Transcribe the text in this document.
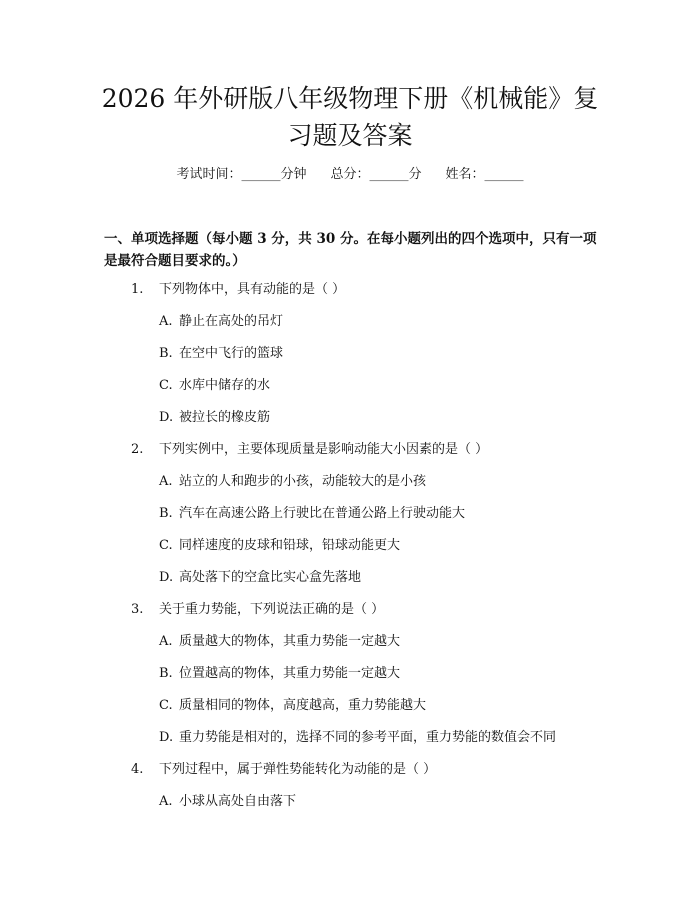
2026 年外研版八年级物理下册《机械能》复
习题及答案
考试时间：______分钟 总分：______分 姓名：______
一、单项选择题（每小题 3 分，共 30 分。在每小题列出的四个选项中，只有一项是最符合题目要求的。）
1. 下列物体中，具有动能的是（ ）
A. 静止在高处的吊灯
B. 在空中飞行的篮球
C. 水库中储存的水
D. 被拉长的橡皮筋
2. 下列实例中，主要体现质量是影响动能大小因素的是（ ）
A. 站立的人和跑步的小孩，动能较大的是小孩
B. 汽车在高速公路上行驶比在普通公路上行驶动能大
C. 同样速度的皮球和铅球，铅球动能更大
D. 高处落下的空盒比实心盒先落地
3. 关于重力势能，下列说法正确的是（ ）
A. 质量越大的物体，其重力势能一定越大
B. 位置越高的物体，其重力势能一定越大
C. 质量相同的物体，高度越高，重力势能越大
D. 重力势能是相对的，选择不同的参考平面，重力势能的数值会不同
4. 下列过程中，属于弹性势能转化为动能的是（ ）
A. 小球从高处自由落下
